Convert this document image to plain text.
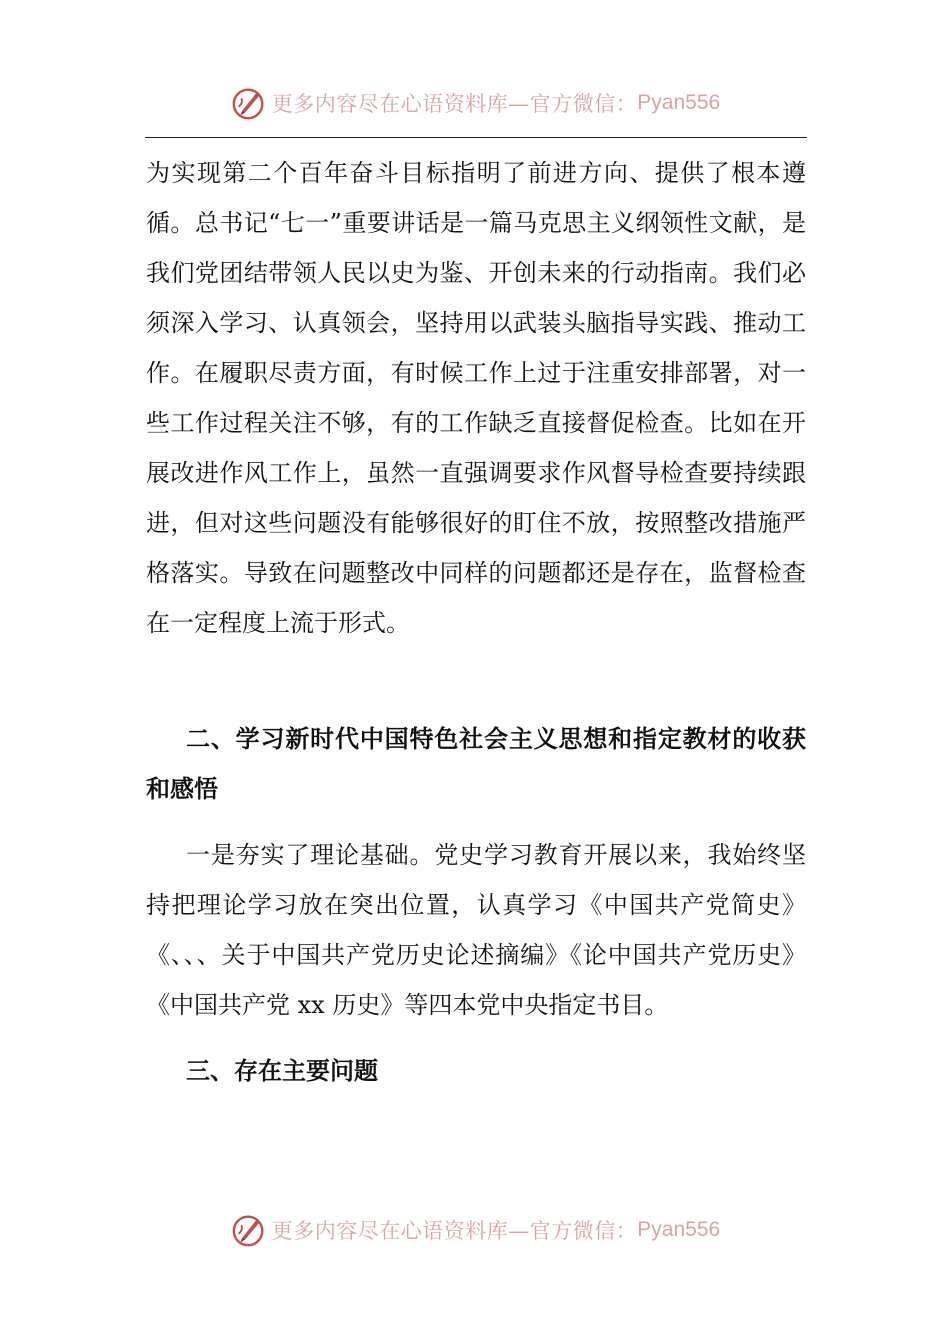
更多内容尽在心语资料库—官方微信： Pyan556

为实现第二个百年奋斗目标指明了前进方向、提供了根本遵循。总书记“七一”重要讲话是一篇马克思主义纲领性文献，是我们党团结带领人民以史为鉴、开创未来的行动指南。我们必须深入学习、认真领会，坚持用以武装头脑指导实践、推动工作。在履职尽责方面，有时候工作上过于注重安排部署，对一些工作过程关注不够，有的工作缺乏直接督促检查。比如在开展改进作风工作上，虽然一直强调要求作风督导检查要持续跟进，但对这些问题没有能够很好的盯住不放，按照整改措施严格落实。导致在问题整改中同样的问题都还是存在，监督检查在一定程度上流于形式。

二、学习新时代中国特色社会主义思想和指定教材的收获和感悟

一是夯实了理论基础。党史学习教育开展以来，我始终坚持把理论学习放在突出位置，认真学习《中国共产党简史》《、、、关于中国共产党历史论述摘编》《论中国共产党历史》《中国共产党 xx 历史》等四本党中央指定书目。

三、存在主要问题

更多内容尽在心语资料库—官方微信： Pyan556
